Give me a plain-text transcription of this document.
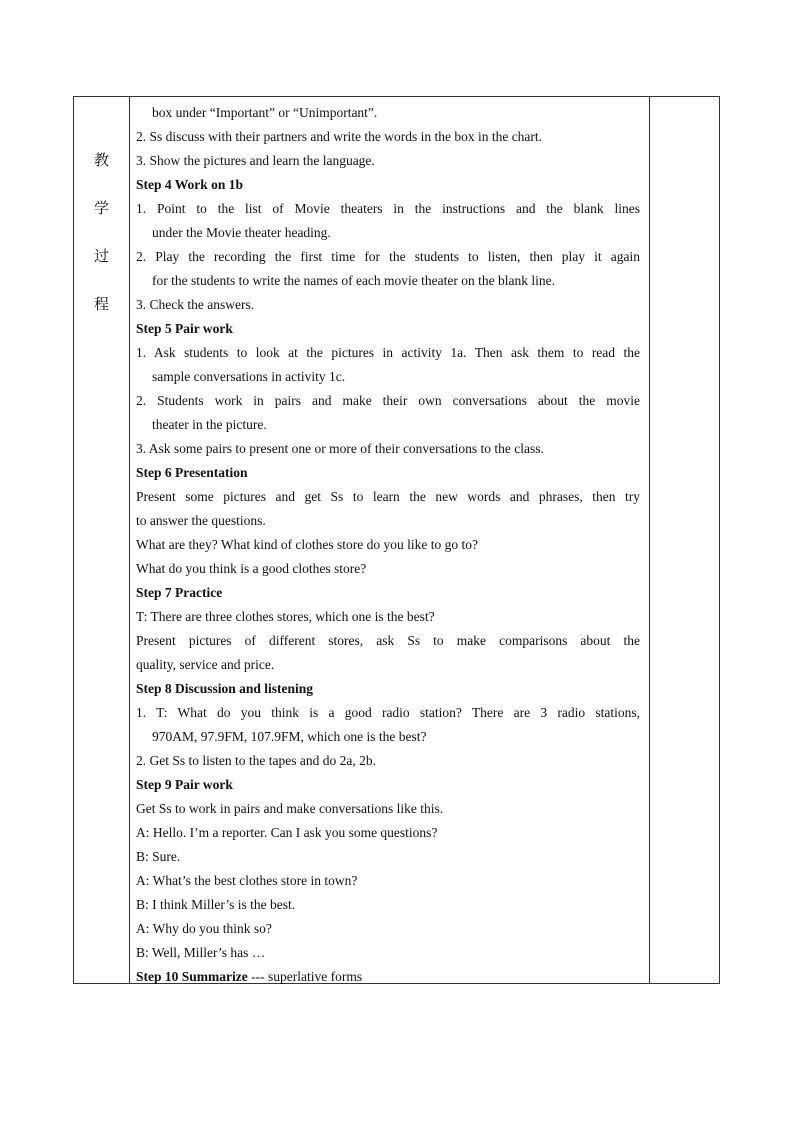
教
学
过
程
box under “Important” or “Unimportant”.
2. Ss discuss with their partners and write the words in the box in the chart.
3. Show the pictures and learn the language.
Step 4 Work on 1b
1. Point to the list of Movie theaters in the instructions and the blank lines
under the Movie theater heading.
2. Play the recording the first time for the students to listen, then play it again
for the students to write the names of each movie theater on the blank line.
3. Check the answers.
Step 5 Pair work
1. Ask students to look at the pictures in activity 1a. Then ask them to read the
sample conversations in activity 1c.
2. Students work in pairs and make their own conversations about the movie
theater in the picture.
3. Ask some pairs to present one or more of their conversations to the class.
Step 6 Presentation
Present some pictures and get Ss to learn the new words and phrases, then try
to answer the questions.
What are they? What kind of clothes store do you like to go to?
What do you think is a good clothes store?
Step 7 Practice
T: There are three clothes stores, which one is the best?
Present pictures of different stores, ask Ss to make comparisons about the
quality, service and price.
Step 8 Discussion and listening
1. T: What do you think is a good radio station? There are 3 radio stations,
970AM, 97.9FM, 107.9FM, which one is the best?
2. Get Ss to listen to the tapes and do 2a, 2b.
Step 9 Pair work
Get Ss to work in pairs and make conversations like this.
A: Hello. I’m a reporter. Can I ask you some questions?
B: Sure.
A: What’s the best clothes store in town?
B: I think Miller’s is the best.
A: Why do you think so?
B: Well, Miller’s has …
Step 10 Summarize --- superlative forms
